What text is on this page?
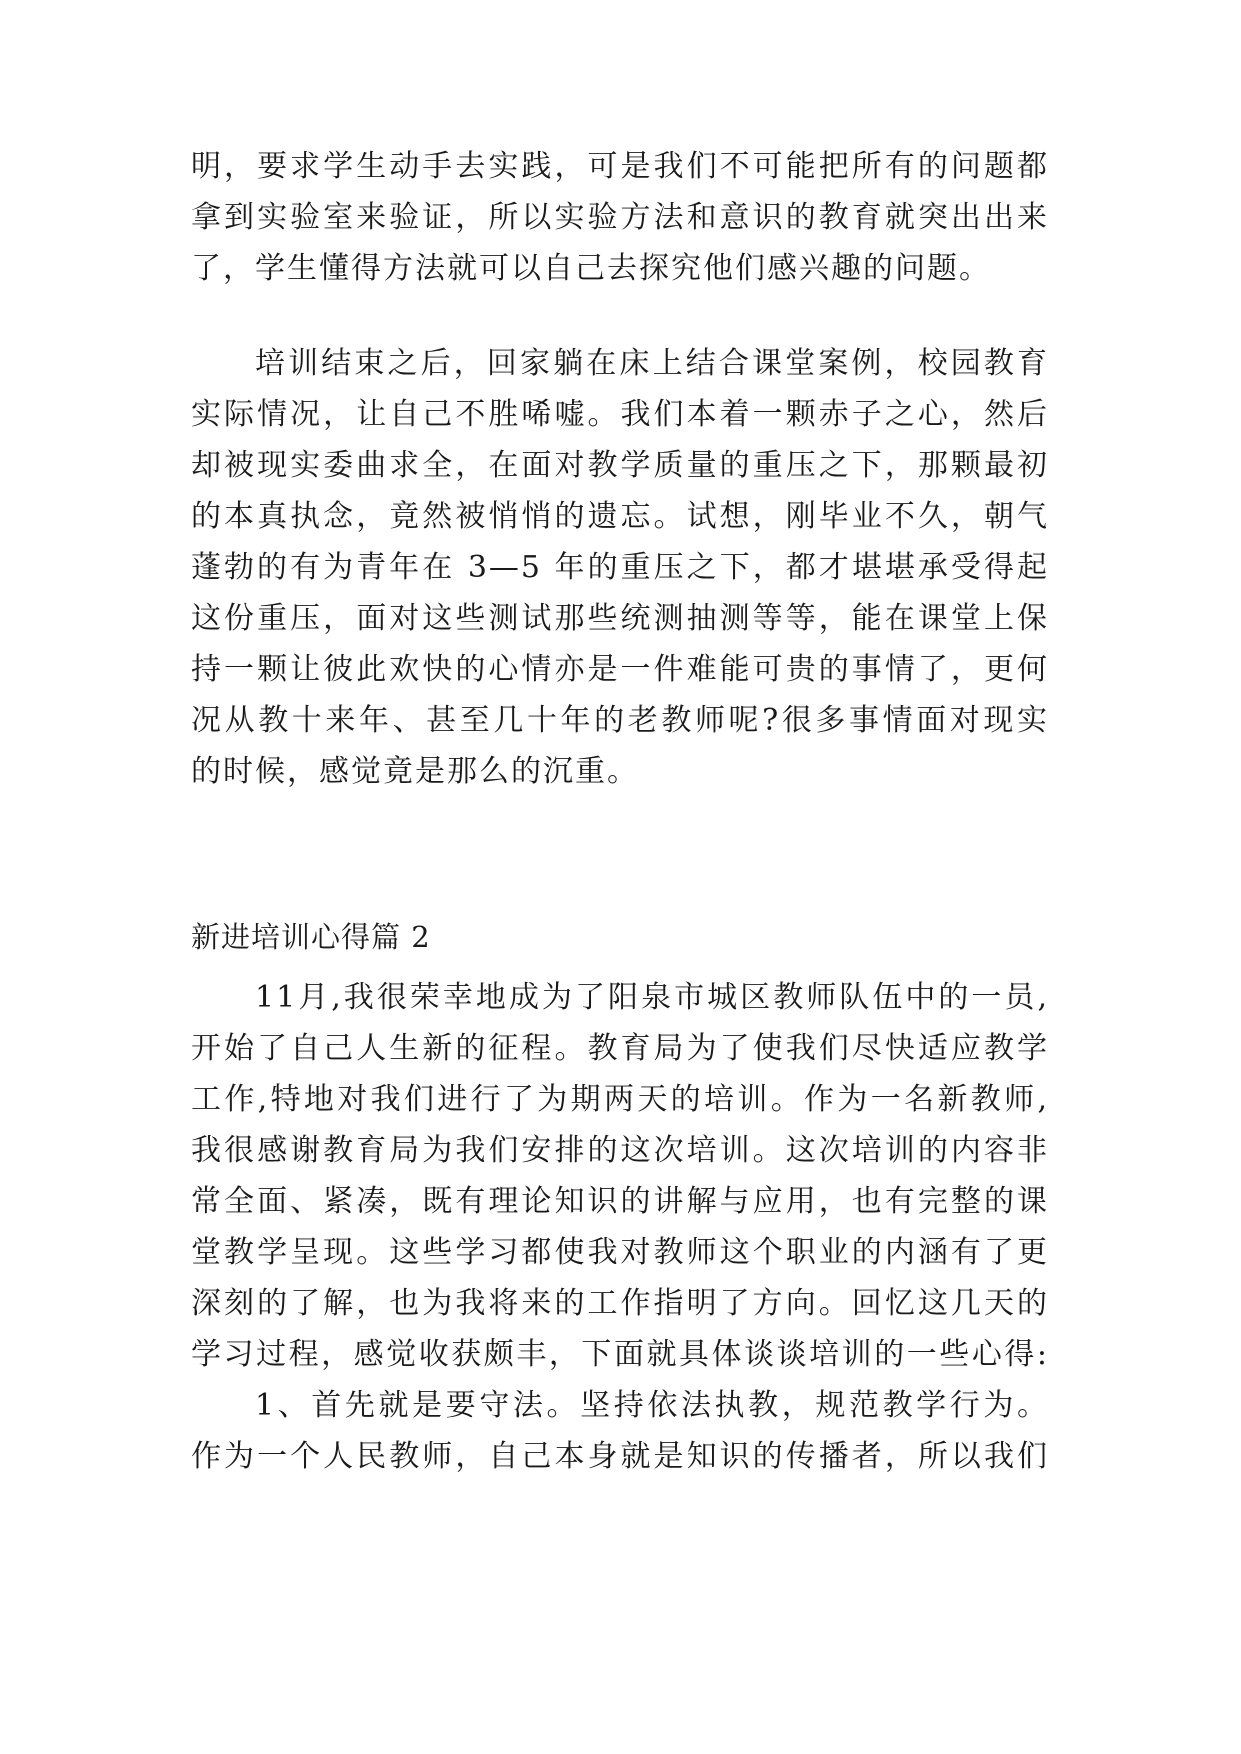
明，要求学生动手去实践，可是我们不可能把所有的问题都
拿到实验室来验证，所以实验方法和意识的教育就突出出来
了，学生懂得方法就可以自己去探究他们感兴趣的问题。
培训结束之后，回家躺在床上结合课堂案例，校园教育
实际情况，让自己不胜唏嘘。我们本着一颗赤子之心，然后
却被现实委曲求全，在面对教学质量的重压之下，那颗最初
的本真执念，竟然被悄悄的遗忘。试想，刚毕业不久，朝气
蓬勃的有为青年在 3—5 年的重压之下，都才堪堪承受得起
这份重压，面对这些测试那些统测抽测等等，能在课堂上保
持一颗让彼此欢快的心情亦是一件难能可贵的事情了，更何
况从教十来年、甚至几十年的老教师呢?很多事情面对现实
的时候，感觉竟是那么的沉重。
新进培训心得篇 2
11月,我很荣幸地成为了阳泉市城区教师队伍中的一员,
开始了自己人生新的征程。教育局为了使我们尽快适应教学
工作,特地对我们进行了为期两天的培训。作为一名新教师,
我很感谢教育局为我们安排的这次培训。这次培训的内容非
常全面、紧凑，既有理论知识的讲解与应用，也有完整的课
堂教学呈现。这些学习都使我对教师这个职业的内涵有了更
深刻的了解，也为我将来的工作指明了方向。回忆这几天的
学习过程，感觉收获颇丰，下面就具体谈谈培训的一些心得:
1、首先就是要守法。坚持依法执教，规范教学行为。
作为一个人民教师，自己本身就是知识的传播者，所以我们
